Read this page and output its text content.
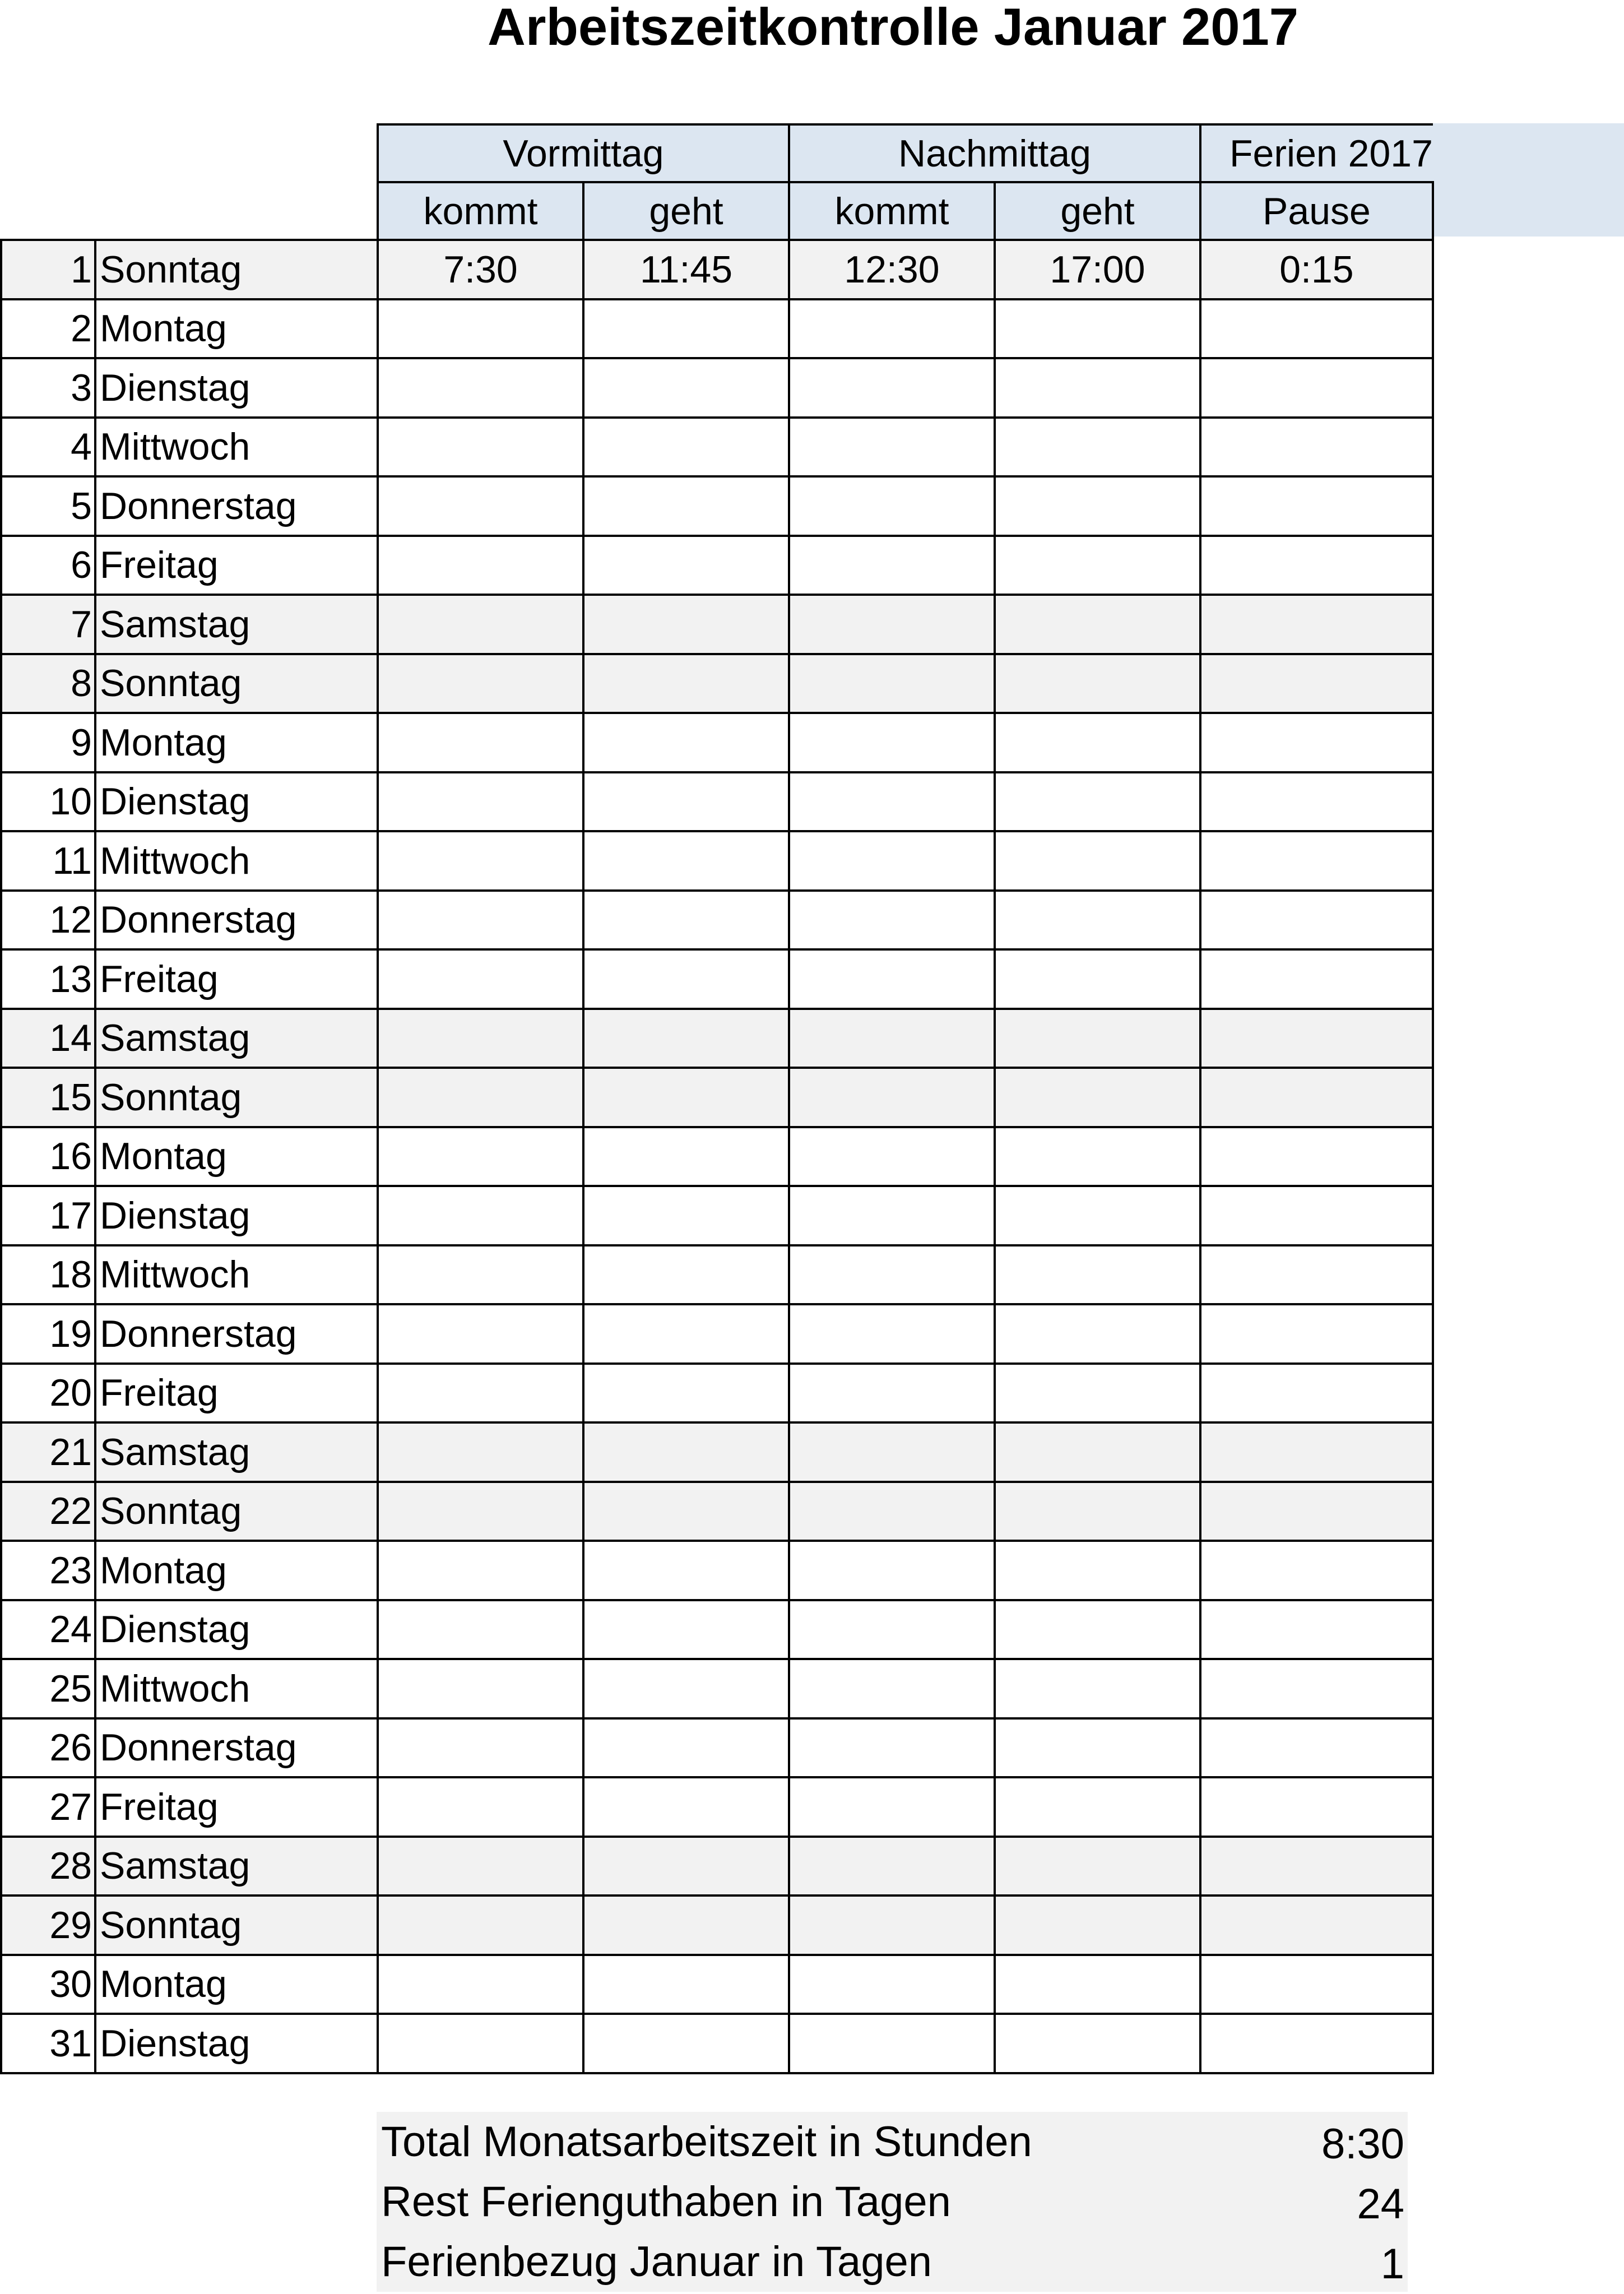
Arbeitszeitkontrolle Januar 2017
		Vormittag		Nachmittag		Ferien 2017
		kommt	geht	kommt	geht	Pause
1	Sonntag	7:30	11:45	12:30	17:00	0:15
2	Montag					
3	Dienstag					
4	Mittwoch					
5	Donnerstag					
6	Freitag					
7	Samstag					
8	Sonntag					
9	Montag					
10	Dienstag					
11	Mittwoch					
12	Donnerstag					
13	Freitag					
14	Samstag					
15	Sonntag					
16	Montag					
17	Dienstag					
18	Mittwoch					
19	Donnerstag					
20	Freitag					
21	Samstag					
22	Sonntag					
23	Montag					
24	Dienstag					
25	Mittwoch					
26	Donnerstag					
27	Freitag					
28	Samstag					
29	Sonntag					
30	Montag					
31	Dienstag					
Total Monatsarbeitszeit in Stunden	8:30
Rest Ferienguthaben in Tagen	24
Ferienbezug Januar in Tagen	1
